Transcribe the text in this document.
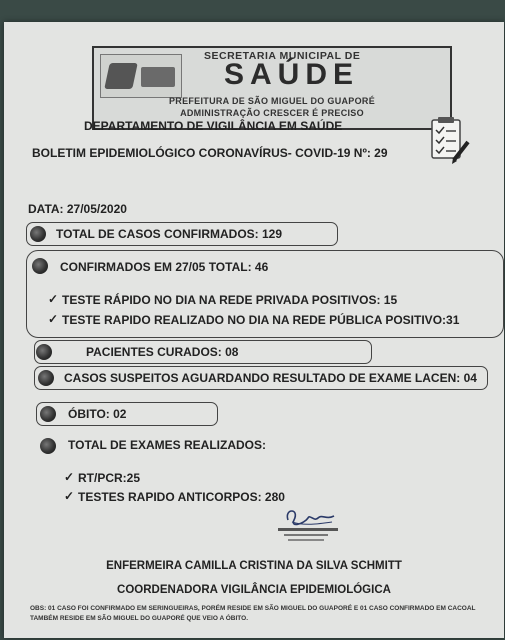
SECRETARIA MUNICIPAL DE
SAÚDE
PREFEITURA DE SÃO MIGUEL DO GUAPORÉ
ADMINISTRAÇÃO CRESCER É PRECISO
DEPARTAMENTO DE VIGILÂNCIA EM SAÚDE
BOLETIM EPIDEMIOLÓGICO CORONAVÍRUS- COVID-19 Nº: 29
DATA: 27/05/2020
TOTAL DE CASOS CONFIRMADOS: 129
CONFIRMADOS EM 27/05 TOTAL: 46
✓ TESTE RÁPIDO NO DIA NA REDE PRIVADA POSITIVOS: 15
✓ TESTE RAPIDO REALIZADO NO DIA NA REDE PÚBLICA POSITIVO:31
PACIENTES CURADOS: 08
CASOS SUSPEITOS AGUARDANDO RESULTADO DE EXAME LACEN: 04
ÓBITO: 02
TOTAL DE EXAMES REALIZADOS:
✓ RT/PCR:25
✓ TESTES RAPIDO ANTICORPOS: 280
ENFERMEIRA CAMILLA CRISTINA DA SILVA SCHMITT
COORDENADORA VIGILÂNCIA EPIDEMIOLÓGICA
OBS: 01 CASO FOI CONFIRMADO EM SERINGUEIRAS, PORÉM RESIDE EM SÃO MIGUEL DO GUAPORÉ E 01 CASO CONFIRMADO EM CACOAL TAMBÉM RESIDE EM SÃO MIGUEL DO GUAPORÉ QUE VEIO A ÓBITO.
